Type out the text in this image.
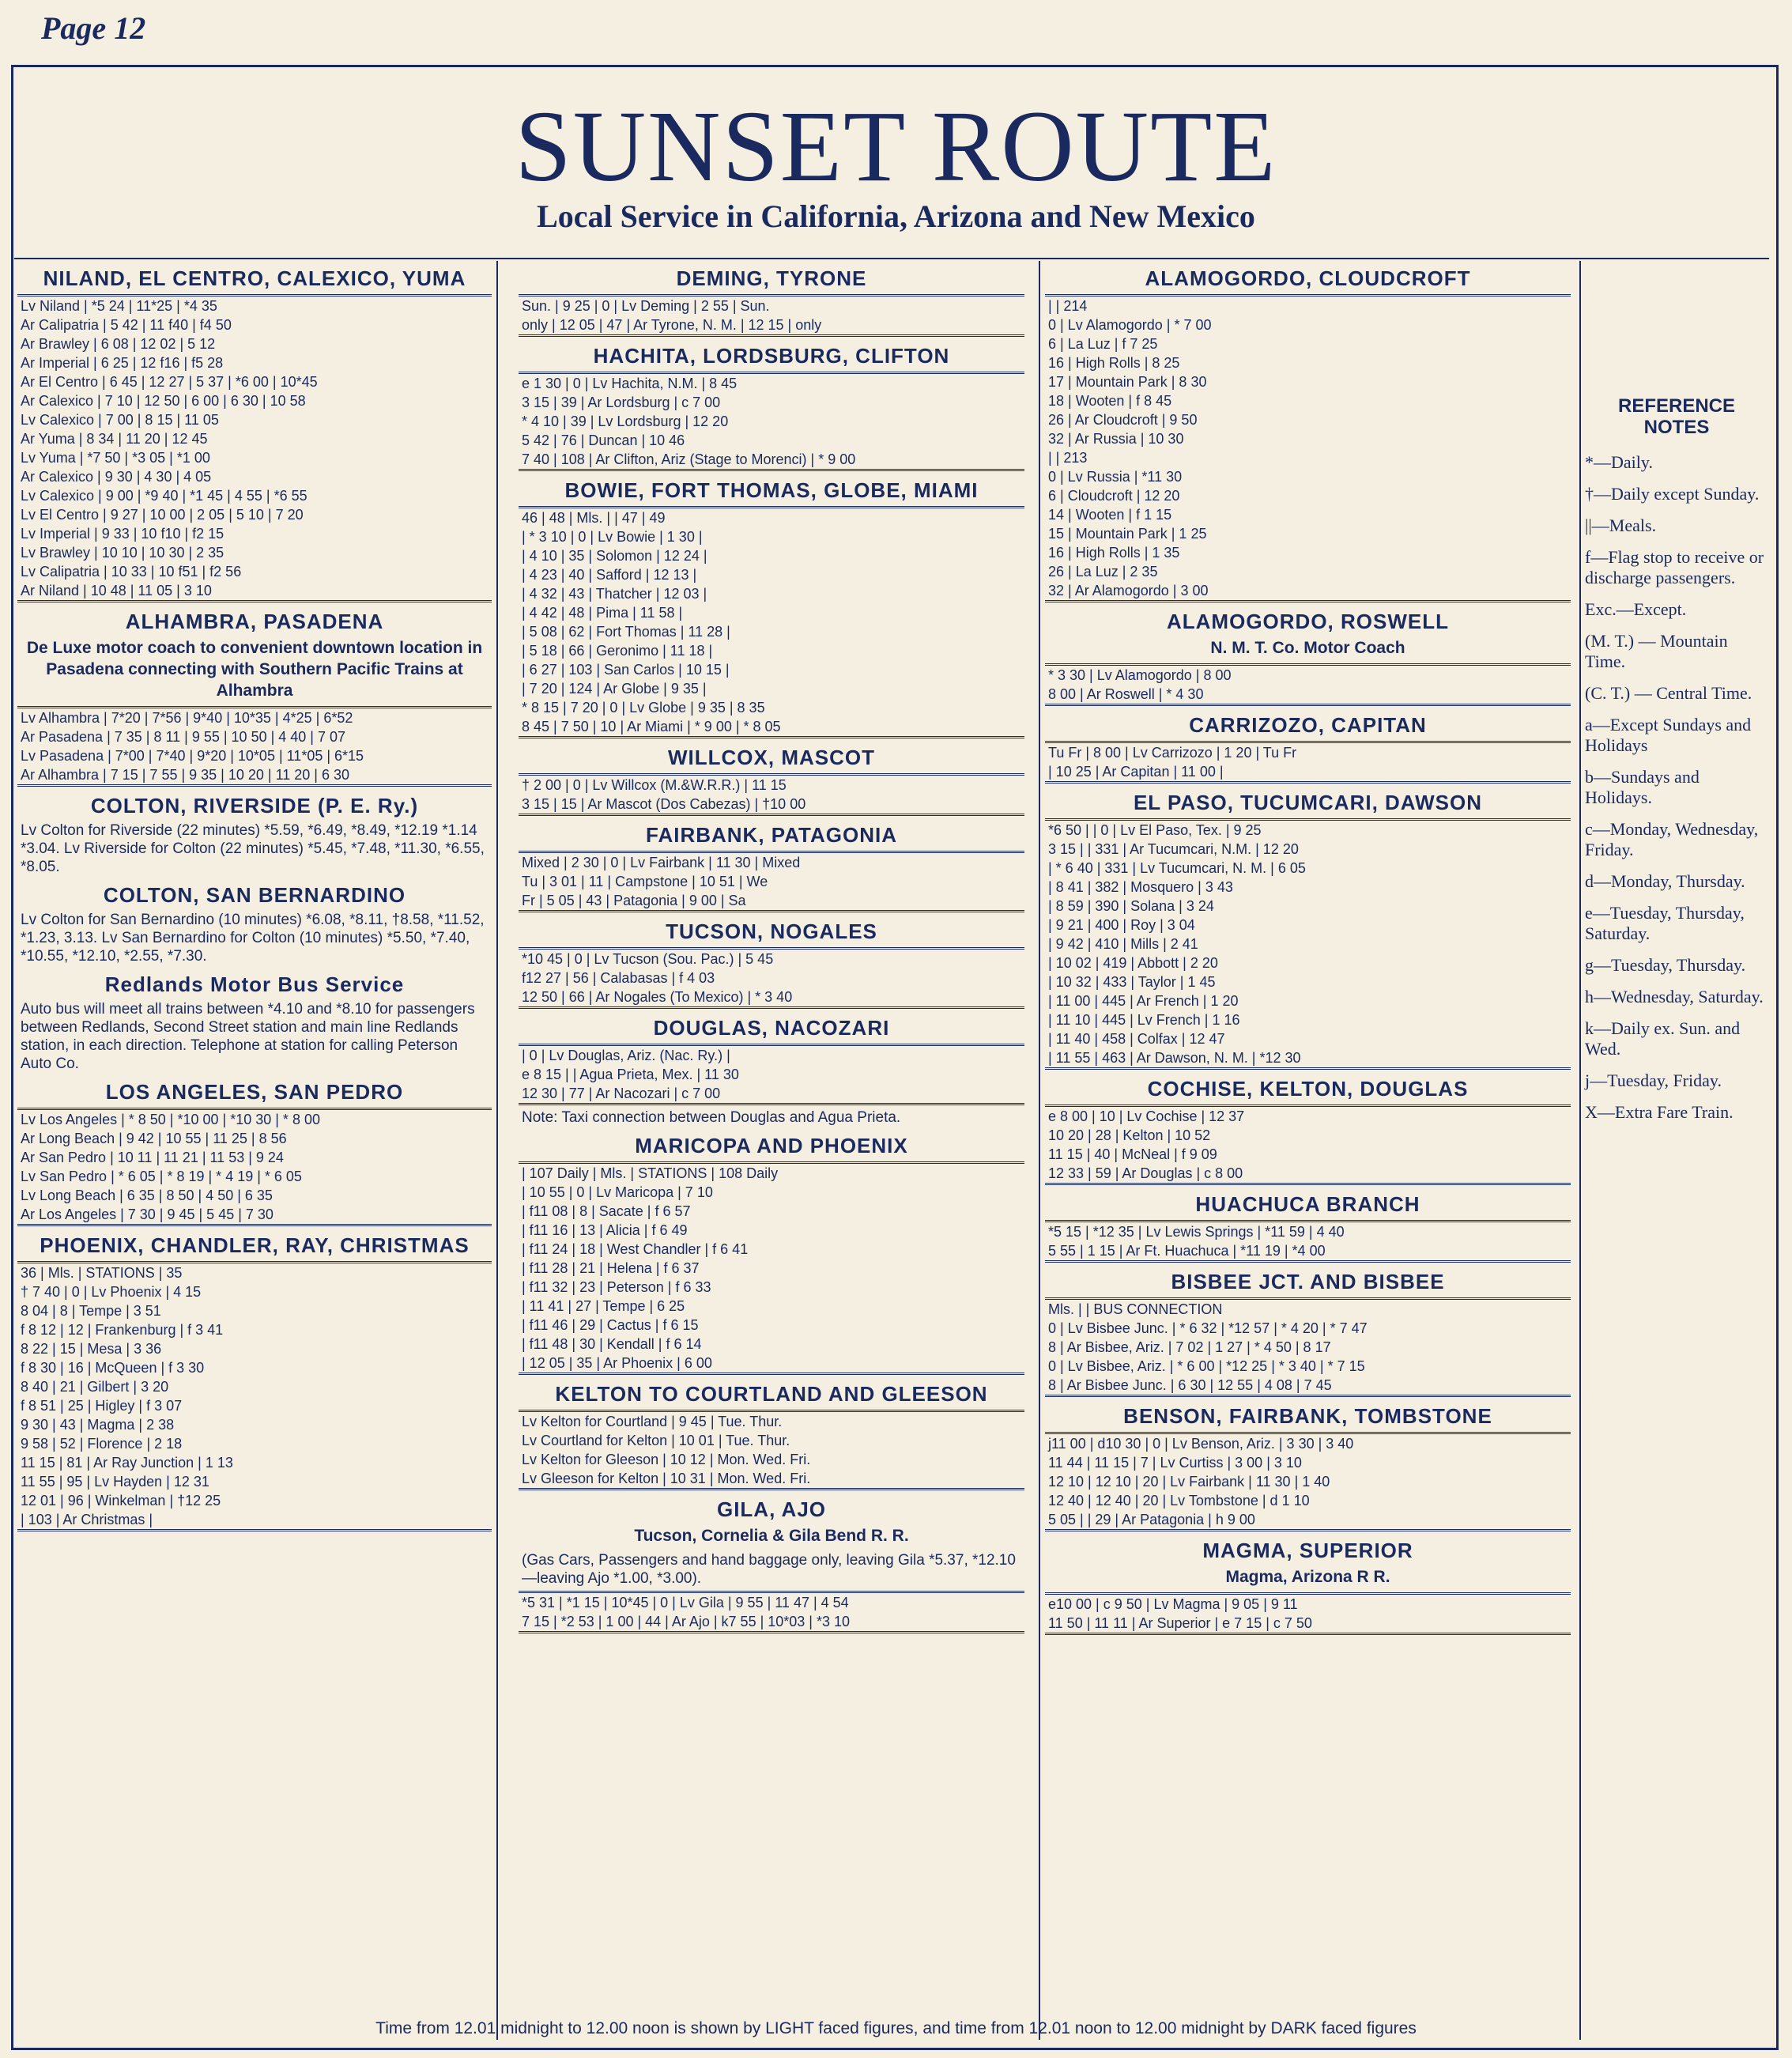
Page 12
SUNSET ROUTE
Local Service in California, Arizona and New Mexico
NILAND, EL CENTRO, CALEXICO, YUMA
Lv Niland | *5 24 | 11*25 | *4 35
Ar Calipatria | 5 42 | 11 f40 | f4 50
Ar Brawley | 6 08 | 12 02 | 5 12
Ar Imperial | 6 25 | 12 f16 | f5 28
Ar El Centro | 6 45 | 12 27 | 5 37 | *6 00 | 10*45
Ar Calexico | 7 10 | 12 50 | 6 00 | 6 30 | 10 58
Lv Calexico | 7 00 | 8 15 | 11 05
Ar Yuma | 8 34 | 11 20 | 12 45
Lv Yuma | *7 50 | *3 05 | *1 00
Ar Calexico | 9 30 | 4 30 | 4 05
Lv Calexico | 9 00 | *9 40 | *1 45 | 4 55 | *6 55
Lv El Centro | 9 27 | 10 00 | 2 05 | 5 10 | 7 20
Lv Imperial | 9 33 | 10 f10 | f2 15
Lv Brawley | 10 10 | 10 30 | 2 35
Lv Calipatria | 10 33 | 10 f51 | f2 56
Ar Niland | 10 48 | 11 05 | 3 10
ALHAMBRA, PASADENA
De Luxe motor coach to convenient downtown location in Pasadena connecting with Southern Pacific Trains at Alhambra
Lv Alhambra | 7*20 | 7*56 | 9*40 | 10*35 | 4*25 | 6*52
Ar Pasadena | 7 35 | 8 11 | 9 55 | 10 50 | 4 40 | 7 07
Lv Pasadena | 7*00 | 7*40 | 9*20 | 10*05 | 11*05 | 6*15
Ar Alhambra | 7 15 | 7 55 | 9 35 | 10 20 | 11 20 | 6 30
COLTON, RIVERSIDE (P. E. Ry.)
Lv Colton for Riverside (22 minutes) *5.59, *6.49, *8.49, *12.19 *1.14 *3.04. Lv Riverside for Colton (22 minutes) *5.45, *7.48, *11.30, *6.55, *8.05.
COLTON, SAN BERNARDINO
Lv Colton for San Bernardino (10 minutes) *6.08, *8.11, †8.58, *11.52, *1.23, 3.13. Lv San Bernardino for Colton (10 minutes) *5.50, *7.40, *10.55, *12.10, *2.55, *7.30.
Redlands Motor Bus Service
Auto bus will meet all trains between *4.10 and *8.10 for passengers between Redlands, Second Street station and main line Redlands station, in each direction. Telephone at station for calling Peterson Auto Co.
LOS ANGELES, SAN PEDRO
Lv Los Angeles | * 8 50 | *10 00 | *10 30 | * 8 00
Ar Long Beach | 9 42 | 10 55 | 11 25 | 8 56
Ar San Pedro | 10 11 | 11 21 | 11 53 | 9 24
Lv San Pedro | * 6 05 | * 8 19 | * 4 19 | * 6 05
Lv Long Beach | 6 35 | 8 50 | 4 50 | 6 35
Ar Los Angeles | 7 30 | 9 45 | 5 45 | 7 30
PHOENIX, CHANDLER, RAY, CHRISTMAS
36 | Mls. | STATIONS | 35
† 7 40 | 0 | Lv Phoenix | 4 15
8 04 | 8 | Tempe | 3 51
f 8 12 | 12 | Frankenburg | f 3 41
8 22 | 15 | Mesa | 3 36
f 8 30 | 16 | McQueen | f 3 30
8 40 | 21 | Gilbert | 3 20
f 8 51 | 25 | Higley | f 3 07
9 30 | 43 | Magma | 2 38
9 58 | 52 | Florence | 2 18
11 15 | 81 | Ar Ray Junction | 1 13
11 55 | 95 | Lv Hayden | 12 31
12 01 | 96 | Winkelman | †12 25
| 103 | Ar Christmas |
DEMING, TYRONE
Sun. | 9 25 | 0 | Lv Deming | 2 55 | Sun.
only | 12 05 | 47 | Ar Tyrone, N. M. | 12 15 | only
HACHITA, LORDSBURG, CLIFTON
e 1 30 | 0 | Lv Hachita, N.M. | 8 45
3 15 | 39 | Ar Lordsburg | c 7 00
* 4 10 | 39 | Lv Lordsburg | 12 20
5 42 | 76 | Duncan | 10 46
7 40 | 108 | Ar Clifton, Ariz (Stage to Morenci) | * 9 00
BOWIE, FORT THOMAS, GLOBE, MIAMI
46 | 48 | Mls. | | 47 | 49
| * 3 10 | 0 | Lv Bowie | 1 30 |
| 4 10 | 35 | Solomon | 12 24 |
| 4 23 | 40 | Safford | 12 13 |
| 4 32 | 43 | Thatcher | 12 03 |
| 4 42 | 48 | Pima | 11 58 |
| 5 08 | 62 | Fort Thomas | 11 28 |
| 5 18 | 66 | Geronimo | 11 18 |
| 6 27 | 103 | San Carlos | 10 15 |
| 7 20 | 124 | Ar Globe | 9 35 |
* 8 15 | 7 20 | 0 | Lv Globe | 9 35 | 8 35
8 45 | 7 50 | 10 | Ar Miami | * 9 00 | * 8 05
WILLCOX, MASCOT
† 2 00 | 0 | Lv Willcox (M.&W.R.R.) | 11 15
3 15 | 15 | Ar Mascot (Dos Cabezas) | †10 00
FAIRBANK, PATAGONIA
Mixed | 2 30 | 0 | Lv Fairbank | 11 30 | Mixed
Tu | 3 01 | 11 | Campstone | 10 51 | We
Fr | 5 05 | 43 | Patagonia | 9 00 | Sa
TUCSON, NOGALES
*10 45 | 0 | Lv Tucson (Sou. Pac.) | 5 45
f12 27 | 56 | Calabasas | f 4 03
12 50 | 66 | Ar Nogales (To Mexico) | * 3 40
DOUGLAS, NACOZARI
| 0 | Lv Douglas, Ariz. (Nac. Ry.) |
e 8 15 | | Agua Prieta, Mex. | 11 30
12 30 | 77 | Ar Nacozari | c 7 00
Note: Taxi connection between Douglas and Agua Prieta.
MARICOPA AND PHOENIX
| 107 Daily | Mls. | STATIONS | 108 Daily
| 10 55 | 0 | Lv Maricopa | 7 10
| f11 08 | 8 | Sacate | f 6 57
| f11 16 | 13 | Alicia | f 6 49
| f11 24 | 18 | West Chandler | f 6 41
| f11 28 | 21 | Helena | f 6 37
| f11 32 | 23 | Peterson | f 6 33
| 11 41 | 27 | Tempe | 6 25
| f11 46 | 29 | Cactus | f 6 15
| f11 48 | 30 | Kendall | f 6 14
| 12 05 | 35 | Ar Phoenix | 6 00
KELTON TO COURTLAND AND GLEESON
Lv Kelton for Courtland | 9 45 | Tue. Thur.
Lv Courtland for Kelton | 10 01 | Tue. Thur.
Lv Kelton for Gleeson | 10 12 | Mon. Wed. Fri.
Lv Gleeson for Kelton | 10 31 | Mon. Wed. Fri.
GILA, AJO
Tucson, Cornelia & Gila Bend R. R.
(Gas Cars, Passengers and hand baggage only, leaving Gila *5.37, *12.10—leaving Ajo *1.00, *3.00).
*5 31 | *1 15 | 10*45 | 0 | Lv Gila | 9 55 | 11 47 | 4 54
7 15 | *2 53 | 1 00 | 44 | Ar Ajo | k7 55 | 10*03 | *3 10
ALAMOGORDO, CLOUDCROFT
| | 214
0 | Lv Alamogordo | * 7 00
6 | La Luz | f 7 25
16 | High Rolls | 8 25
17 | Mountain Park | 8 30
18 | Wooten | f 8 45
26 | Ar Cloudcroft | 9 50
32 | Ar Russia | 10 30
| | 213
0 | Lv Russia | *11 30
6 | Cloudcroft | 12 20
14 | Wooten | f 1 15
15 | Mountain Park | 1 25
16 | High Rolls | 1 35
26 | La Luz | 2 35
32 | Ar Alamogordo | 3 00
ALAMOGORDO, ROSWELL
N. M. T. Co. Motor Coach
* 3 30 | Lv Alamogordo | 8 00
8 00 | Ar Roswell | * 4 30
CARRIZOZO, CAPITAN
Tu Fr | 8 00 | Lv Carrizozo | 1 20 | Tu Fr
| 10 25 | Ar Capitan | 11 00 |
EL PASO, TUCUMCARI, DAWSON
*6 50 | | 0 | Lv El Paso, Tex. | 9 25
3 15 | | 331 | Ar Tucumcari, N.M. | 12 20
| * 6 40 | 331 | Lv Tucumcari, N. M. | 6 05
| 8 41 | 382 | Mosquero | 3 43
| 8 59 | 390 | Solana | 3 24
| 9 21 | 400 | Roy | 3 04
| 9 42 | 410 | Mills | 2 41
| 10 02 | 419 | Abbott | 2 20
| 10 32 | 433 | Taylor | 1 45
| 11 00 | 445 | Ar French | 1 20
| 11 10 | 445 | Lv French | 1 16
| 11 40 | 458 | Colfax | 12 47
| 11 55 | 463 | Ar Dawson, N. M. | *12 30
COCHISE, KELTON, DOUGLAS
e 8 00 | 10 | Lv Cochise | 12 37
10 20 | 28 | Kelton | 10 52
11 15 | 40 | McNeal | f 9 09
12 33 | 59 | Ar Douglas | c 8 00
HUACHUCA BRANCH
*5 15 | *12 35 | Lv Lewis Springs | *11 59 | 4 40
5 55 | 1 15 | Ar Ft. Huachuca | *11 19 | *4 00
BISBEE JCT. AND BISBEE
Mls. | | BUS CONNECTION
0 | Lv Bisbee Junc. | * 6 32 | *12 57 | * 4 20 | * 7 47
8 | Ar Bisbee, Ariz. | 7 02 | 1 27 | * 4 50 | 8 17
0 | Lv Bisbee, Ariz. | * 6 00 | *12 25 | * 3 40 | * 7 15
8 | Ar Bisbee Junc. | 6 30 | 12 55 | 4 08 | 7 45
BENSON, FAIRBANK, TOMBSTONE
j11 00 | d10 30 | 0 | Lv Benson, Ariz. | 3 30 | 3 40
11 44 | 11 15 | 7 | Lv Curtiss | 3 00 | 3 10
12 10 | 12 10 | 20 | Lv Fairbank | 11 30 | 1 40
12 40 | 12 40 | 20 | Lv Tombstone | d 1 10
5 05 | | 29 | Ar Patagonia | h 9 00
MAGMA, SUPERIOR
Magma, Arizona R R.
e10 00 | c 9 50 | Lv Magma | 9 05 | 9 11
11 50 | 11 11 | Ar Superior | e 7 15 | c 7 50
REFERENCE NOTES

*—Daily.

†—Daily except Sunday.

||—Meals.

f—Flag stop to receive or discharge passengers.

Exc.—Except.

(M. T.) — Mountain Time.

(C. T.) — Central Time.

a—Except Sundays and Holidays

b—Sundays and Holidays.

c—Monday, Wednesday, Friday.

d—Monday, Thursday.

e—Tuesday, Thursday, Saturday.

g—Tuesday, Thursday.

h—Wednesday, Saturday.

k—Daily ex. Sun. and Wed.

j—Tuesday, Friday.

X—Extra Fare Train.

Time from 12.01 midnight to 12.00 noon is shown by LIGHT faced figures, and time from 12.01 noon to 12.00 midnight by DARK faced figures
